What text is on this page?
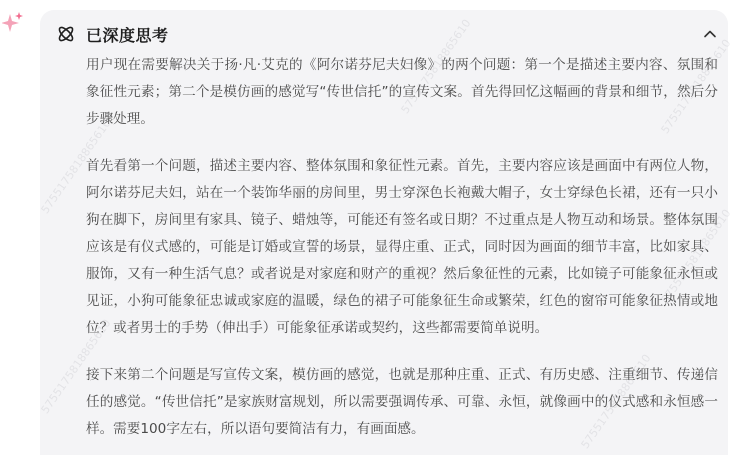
已深度思考

用户现在需要解决关于扬·凡·艾克的《阿尔诺芬尼夫妇像》的两个问题：第一个是描述主要内容、氛围和象征性元素；第二个是模仿画的感觉写“传世信托”的宣传文案。首先得回忆这幅画的背景和细节，然后分步骤处理。

首先看第一个问题，描述主要内容、整体氛围和象征性元素。首先，主要内容应该是画面中有两位人物，阿尔诺芬尼夫妇，站在一个装饰华丽的房间里，男士穿深色长袍戴大帽子，女士穿绿色长裙，还有一只小狗在脚下，房间里有家具、镜子、蜡烛等，可能还有签名或日期？不过重点是人物互动和场景。整体氛围应该是有仪式感的，可能是订婚或宣誓的场景，显得庄重、正式，同时因为画面的细节丰富，比如家具、服饰，又有一种生活气息？或者说是对家庭和财产的重视？然后象征性的元素，比如镜子可能象征永恒或见证，小狗可能象征忠诚或家庭的温暖，绿色的裙子可能象征生命或繁荣，红色的窗帘可能象征热情或地位？或者男士的手势（伸出手）可能象征承诺或契约，这些都需要简单说明。

接下来第二个问题是写宣传文案，模仿画的感觉，也就是那种庄重、正式、有历史感、注重细节、传递信任的感觉。“传世信托”是家族财富规划，所以需要强调传承、可靠、永恒，就像画中的仪式感和永恒感一样。需要100字左右，所以语句要简洁有力，有画面感。
